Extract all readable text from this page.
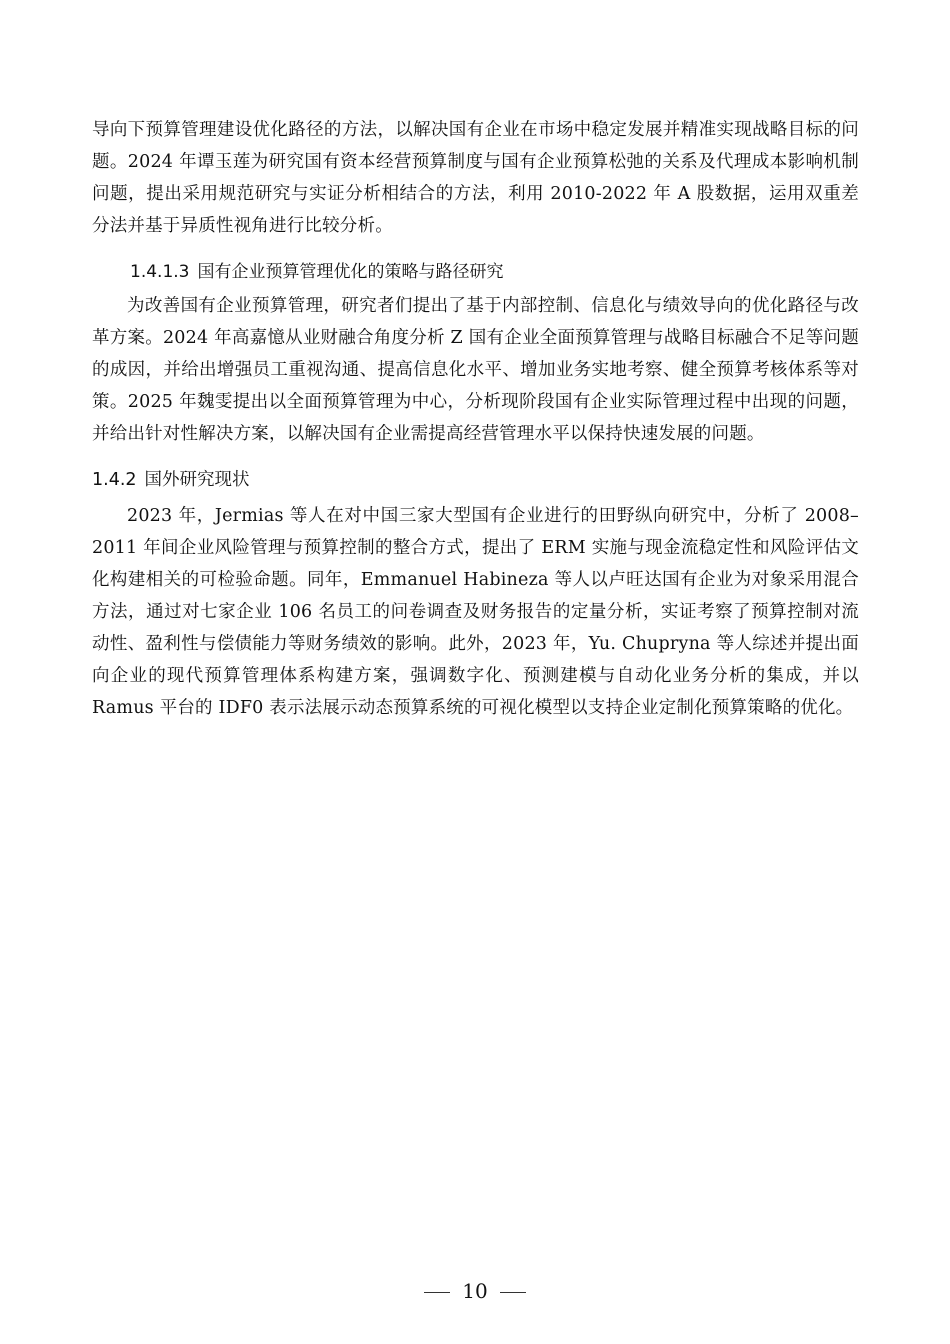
导向下预算管理建设优化路径的方法，以解决国有企业在市场中稳定发展并精准实现战略目标的问题。2024 年谭玉莲为研究国有资本经营预算制度与国有企业预算松弛的关系及代理成本影响机制问题，提出采用规范研究与实证分析相结合的方法，利用 2010-2022 年 A 股数据，运用双重差分法并基于异质性视角进行比较分析。

1.4.1.3 国有企业预算管理优化的策略与路径研究

为改善国有企业预算管理，研究者们提出了基于内部控制、信息化与绩效导向的优化路径与改革方案。2024 年高嘉憶从业财融合角度分析 Z 国有企业全面预算管理与战略目标融合不足等问题的成因，并给出增强员工重视沟通、提高信息化水平、增加业务实地考察、健全预算考核体系等对策。2025 年魏雯提出以全面预算管理为中心，分析现阶段国有企业实际管理过程中出现的问题，并给出针对性解决方案，以解决国有企业需提高经营管理水平以保持快速发展的问题。

1.4.2 国外研究现状

2023 年，Jermias 等人在对中国三家大型国有企业进行的田野纵向研究中，分析了 2008–2011 年间企业风险管理与预算控制的整合方式，提出了 ERM 实施与现金流稳定性和风险评估文化构建相关的可检验命题。同年，Emmanuel Habineza 等人以卢旺达国有企业为对象采用混合方法，通过对七家企业 106 名员工的问卷调查及财务报告的定量分析，实证考察了预算控制对流动性、盈利性与偿债能力等财务绩效的影响。此外，2023 年，Yu. Chupryna 等人综述并提出面向企业的现代预算管理体系构建方案，强调数字化、预测建模与自动化业务分析的集成，并以 Ramus 平台的 IDF0 表示法展示动态预算系统的可视化模型以支持企业定制化预算策略的优化。

10
